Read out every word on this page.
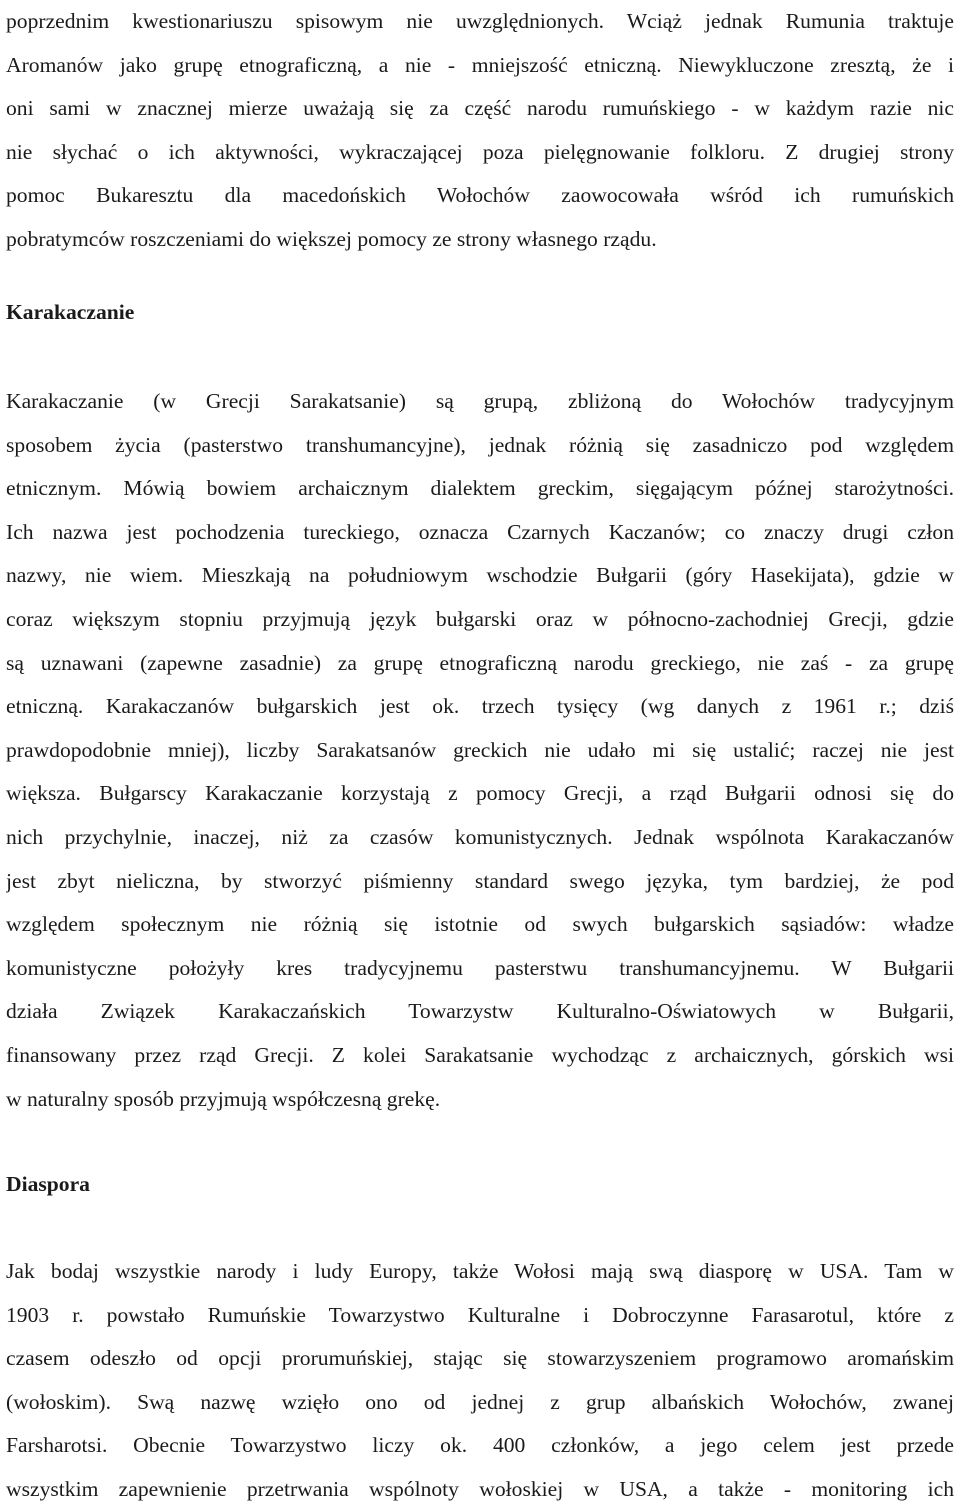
poprzednim kwestionariuszu spisowym nie uwzględnionych. Wciąż jednak Rumunia traktuje
Aromanów jako grupę etnograficzną, a nie - mniejszość etniczną. Niewykluczone zresztą, że i
oni sami w znacznej mierze uważają się za część narodu rumuńskiego - w każdym razie nic
nie słychać o ich aktywności, wykraczającej poza pielęgnowanie folkloru. Z drugiej strony
pomoc Bukaresztu dla macedońskich Wołochów zaowocowała wśród ich rumuńskich
pobratymców roszczeniami do większej pomocy ze strony własnego rządu.
Karakaczanie
Karakaczanie (w Grecji Sarakatsanie) są grupą, zbliżoną do Wołochów tradycyjnym
sposobem życia (pasterstwo transhumancyjne), jednak różnią się zasadniczo pod względem
etnicznym. Mówią bowiem archaicznym dialektem greckim, sięgającym późnej starożytności.
Ich nazwa jest pochodzenia tureckiego, oznacza Czarnych Kaczanów; co znaczy drugi człon
nazwy, nie wiem. Mieszkają na południowym wschodzie Bułgarii (góry Hasekijata), gdzie w
coraz większym stopniu przyjmują język bułgarski oraz w północno-zachodniej Grecji, gdzie
są uznawani (zapewne zasadnie) za grupę etnograficzną narodu greckiego, nie zaś - za grupę
etniczną. Karakaczanów bułgarskich jest ok. trzech tysięcy (wg danych z 1961 r.; dziś
prawdopodobnie mniej), liczby Sarakatsanów greckich nie udało mi się ustalić; raczej nie jest
większa. Bułgarscy Karakaczanie korzystają z pomocy Grecji, a rząd Bułgarii odnosi się do
nich przychylnie, inaczej, niż za czasów komunistycznych. Jednak wspólnota Karakaczanów
jest zbyt nieliczna, by stworzyć piśmienny standard swego języka, tym bardziej, że pod
względem społecznym nie różnią się istotnie od swych bułgarskich sąsiadów: władze
komunistyczne położyły kres tradycyjnemu pasterstwu transhumancyjnemu. W Bułgarii
działa Związek Karakaczańskich Towarzystw Kulturalno-Oświatowych w Bułgarii,
finansowany przez rząd Grecji. Z kolei Sarakatsanie wychodząc z archaicznych, górskich wsi
w naturalny sposób przyjmują współczesną grekę.
Diaspora
Jak bodaj wszystkie narody i ludy Europy, także Wołosi mają swą diasporę w USA. Tam w
1903 r. powstało Rumuńskie Towarzystwo Kulturalne i Dobroczynne Farasarotul, które z
czasem odeszło od opcji prorumuńskiej, stając się stowarzyszeniem programowo aromańskim
(wołoskim). Swą nazwę wzięło ono od jednej z grup albańskich Wołochów, zwanej
Farsharotsi. Obecnie Towarzystwo liczy ok. 400 członków, a jego celem jest przede
wszystkim zapewnienie przetrwania wspólnoty wołoskiej w USA, a także - monitoring ich
